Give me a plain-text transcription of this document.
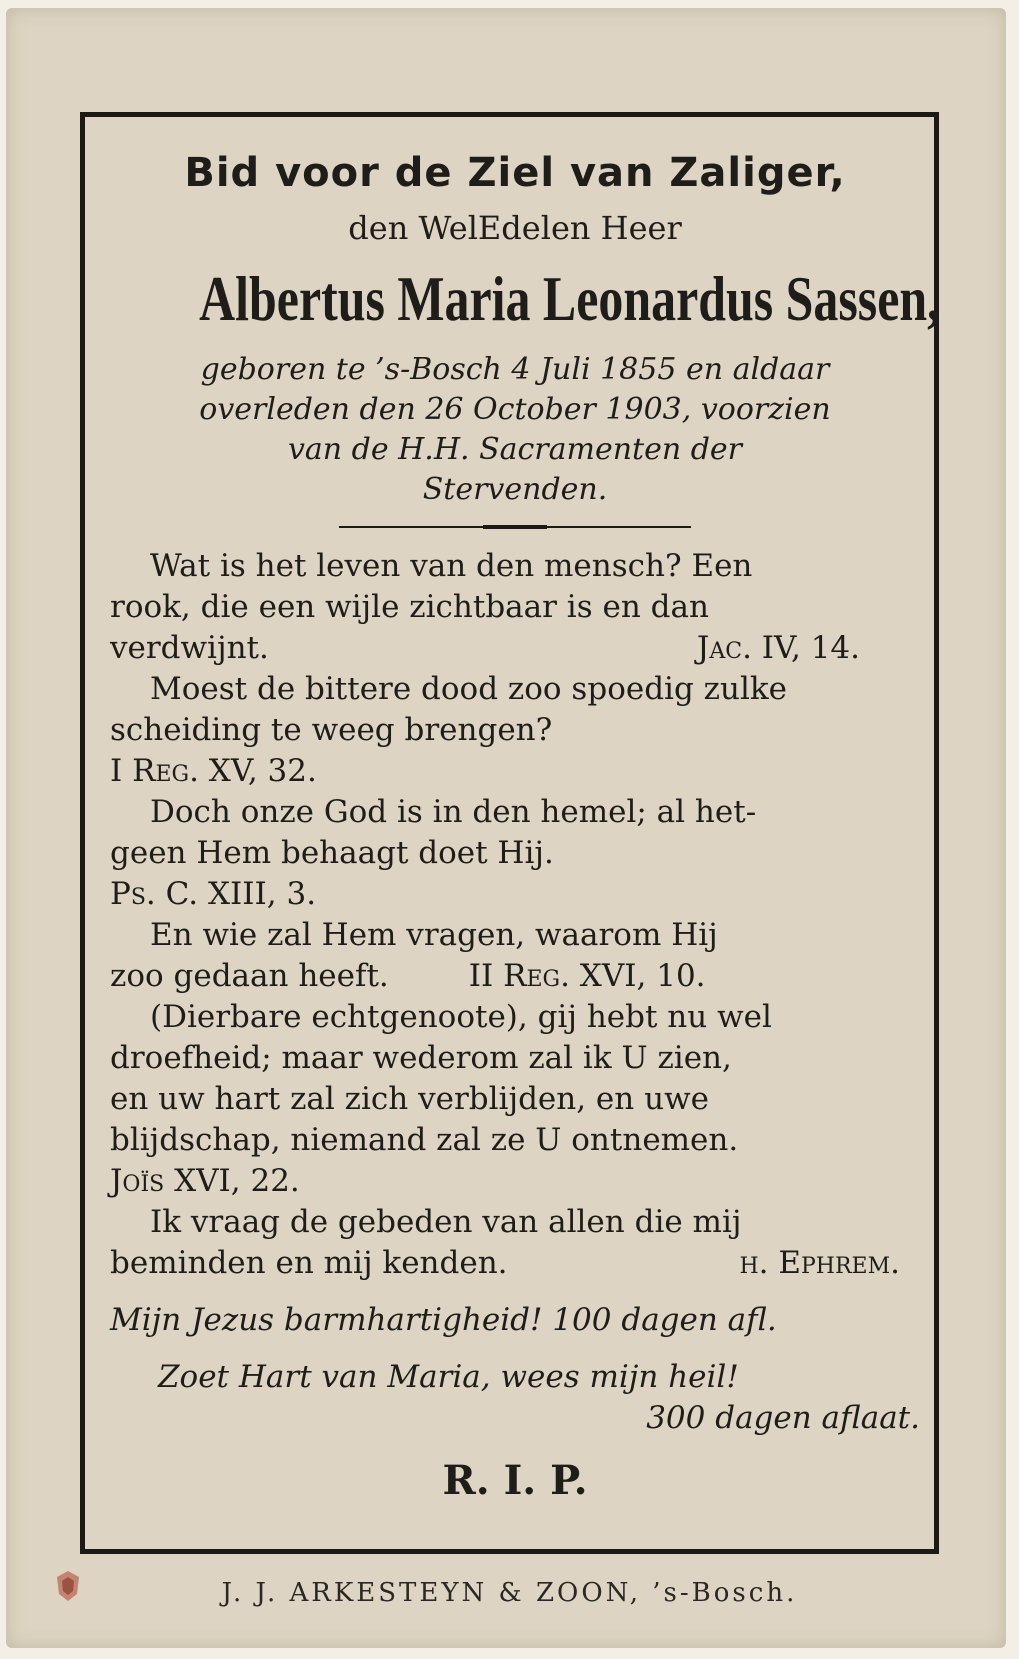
Bid voor de Ziel van Zaliger,
den WelEdelen Heer
Albertus Maria Leonardus Sassen,
geboren te ’s-Bosch 4 Juli 1855 en aldaar
overleden den 26 October 1903, voorzien
van de H.H. Sacramenten der
Stervenden.
Wat is het leven van den mensch? Een
rook, die een wijle zichtbaar is en dan
verdwijnt.	Jac. IV, 14.
Moest de bittere dood zoo spoedig zulke
scheiding te weeg brengen?
I Reg. XV, 32.
Doch onze God is in den hemel; al het-
geen Hem behaagt doet Hij.
Ps. C. XIII, 3.
En wie zal Hem vragen, waarom Hij
zoo gedaan heeft.	II Reg. XVI, 10.
(Dierbare echtgenoote), gij hebt nu wel
droefheid; maar wederom zal ik U zien,
en uw hart zal zich verblijden, en uwe
blijdschap, niemand zal ze U ontnemen.
Joïs XVI, 22.
Ik vraag de gebeden van allen die mij
beminden en mij kenden.	h. Ephrem.
Mijn Jezus barmhartigheid! 100 dagen afl.
Zoet Hart van Maria, wees mijn heil!
300 dagen aflaat.
R. I. P.
J. J. ARKESTEYN & ZOON, ’s-Bosch.
